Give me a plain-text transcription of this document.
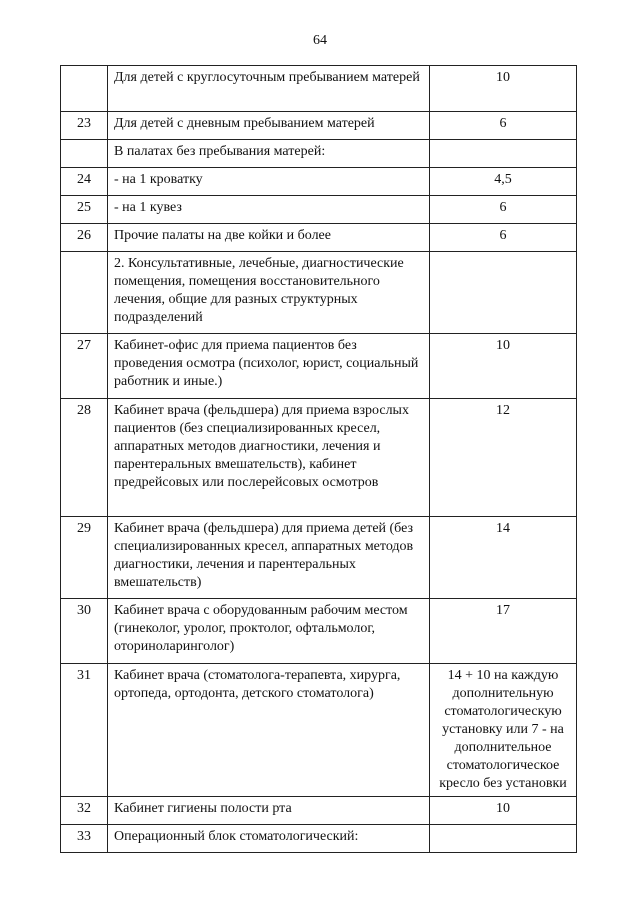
64
	Для детей с круглосуточным пребыванием матерей	10
23	Для детей с дневным пребыванием матерей	6
	В палатах без пребывания матерей:	
24	- на 1 кроватку	4,5
25	- на 1 кувез	6
26	Прочие палаты на две койки и более	6
	2. Консультативные, лечебные, диагностические помещения, помещения восстановительного лечения, общие для разных структурных подразделений	
27	Кабинет-офис для приема пациентов без проведения осмотра (психолог, юрист, социальный работник и иные.)	10
28	Кабинет врача (фельдшера) для приема взрослых пациентов (без специализированных кресел, аппаратных методов диагностики, лечения и парентеральных вмешательств), кабинет предрейсовых или послерейсовых осмотров	12
29	Кабинет врача (фельдшера) для приема детей (без специализированных кресел, аппаратных методов диагностики, лечения и парентеральных вмешательств)	14
30	Кабинет врача с оборудованным рабочим местом (гинеколог, уролог, проктолог, офтальмолог, оториноларинголог)	17
31	Кабинет врача (стоматолога-терапевта, хирурга, ортопеда, ортодонта, детского стоматолога)	14 + 10 на каждую дополнительную стоматологическую установку или 7 - на дополнительное стоматологическое кресло без установки
32	Кабинет гигиены полости рта	10
33	Операционный блок стоматологический:	
